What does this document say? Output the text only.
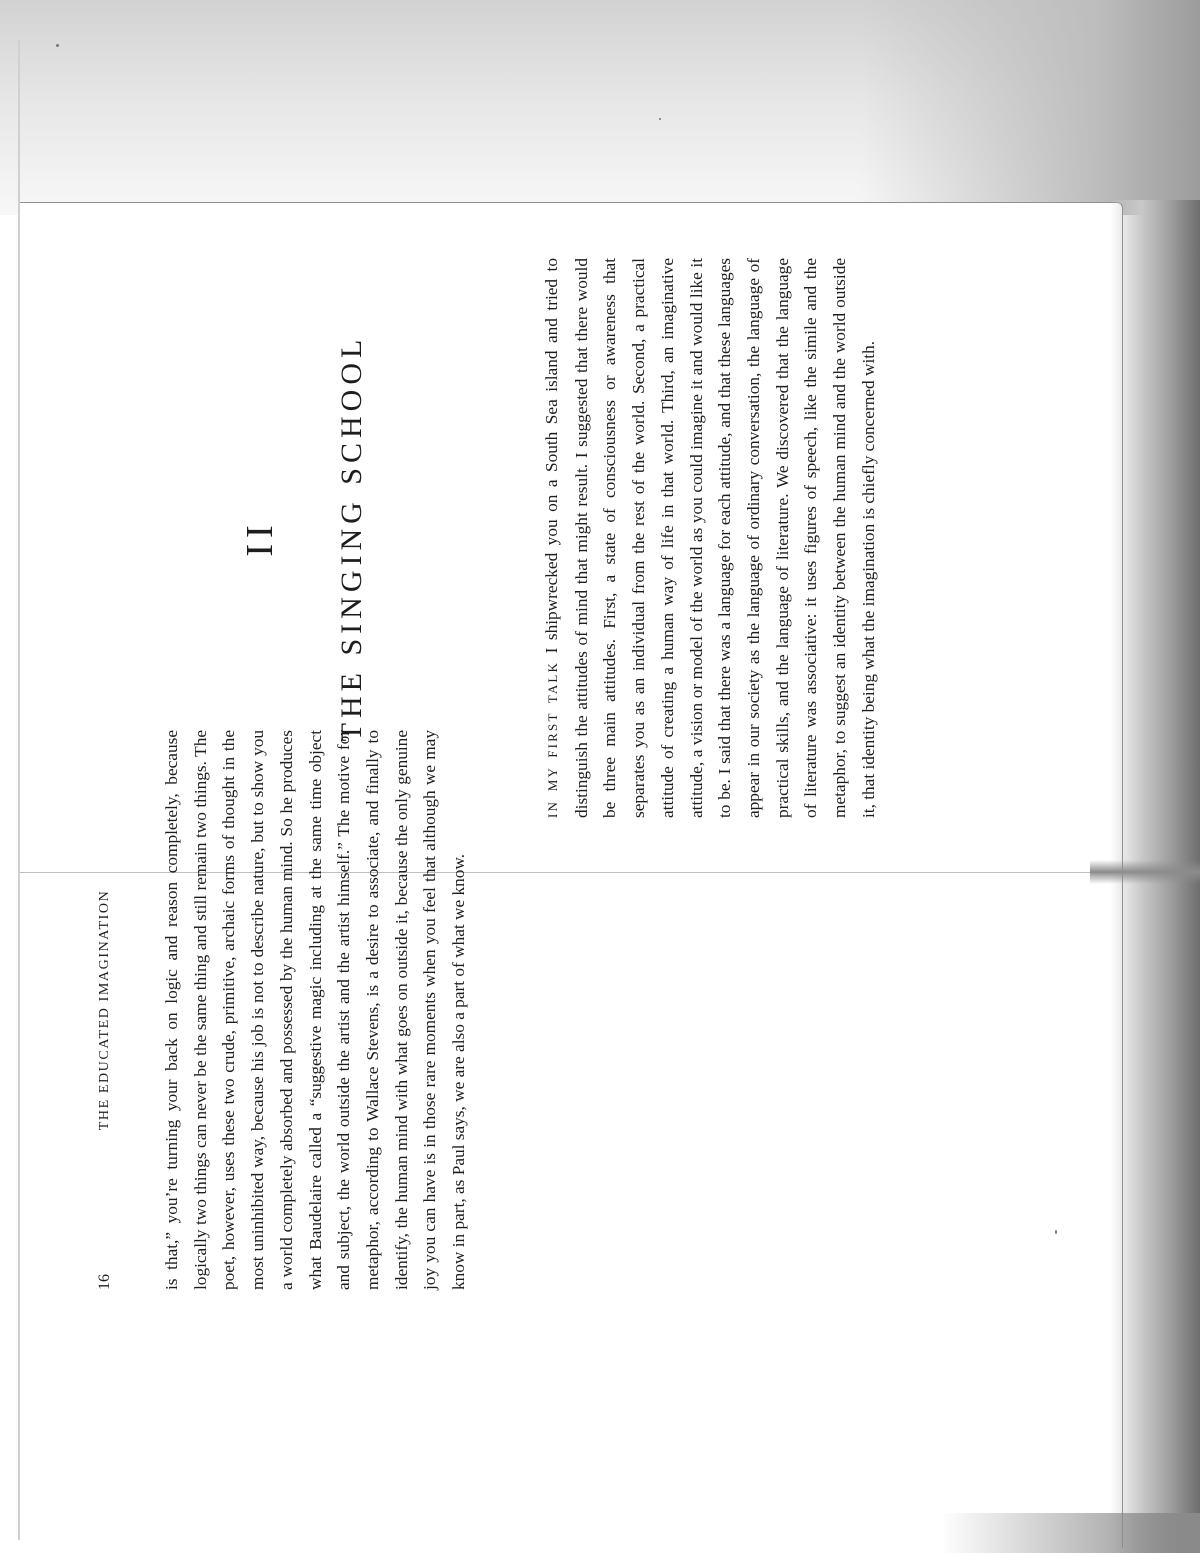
16
THE EDUCATED IMAGINATION	is that,” you’re turning your back on logic and reason completely, because logically two things can never be the same thing and still remain two things. The poet, however, uses these two crude, primitive, archaic forms of thought in the most uninhibited way, because his job is not to describe nature, but to show you a world completely absorbed and possessed by the human mind. So he produces what Baudelaire called a “suggestive magic including at the same time object and subject, the world outside the artist and the artist himself.” The motive for metaphor, according to Wallace Stevens, is a desire to associate, and finally to identify, the human mind with what goes on outside it, because the only genuine joy you can have is in those rare moments when you feel that although we may know in part, as Paul says, we are also a part of what we know.
II THE SINGING SCHOOL	IN MY FIRST TALK I shipwrecked you on a South Sea island and tried to distinguish the attitudes of mind that might result. I suggested that there would be three main attitudes. First, a state of consciousness or awareness that separates you as an individual from the rest of the world. Second, a practical attitude of creating a human way of life in that world. Third, an imaginative attitude, a vision or model of the world as you could imagine it and would like it to be. I said that there was a language for each attitude, and that these languages appear in our society as the language of ordinary conversation, the language of practical skills, and the language of literature. We discovered that the language of literature was associative: it uses figures of speech, like the simile and the metaphor, to suggest an identity between the human mind and the world outside it, that identity being what the imagination is chiefly concerned with.
